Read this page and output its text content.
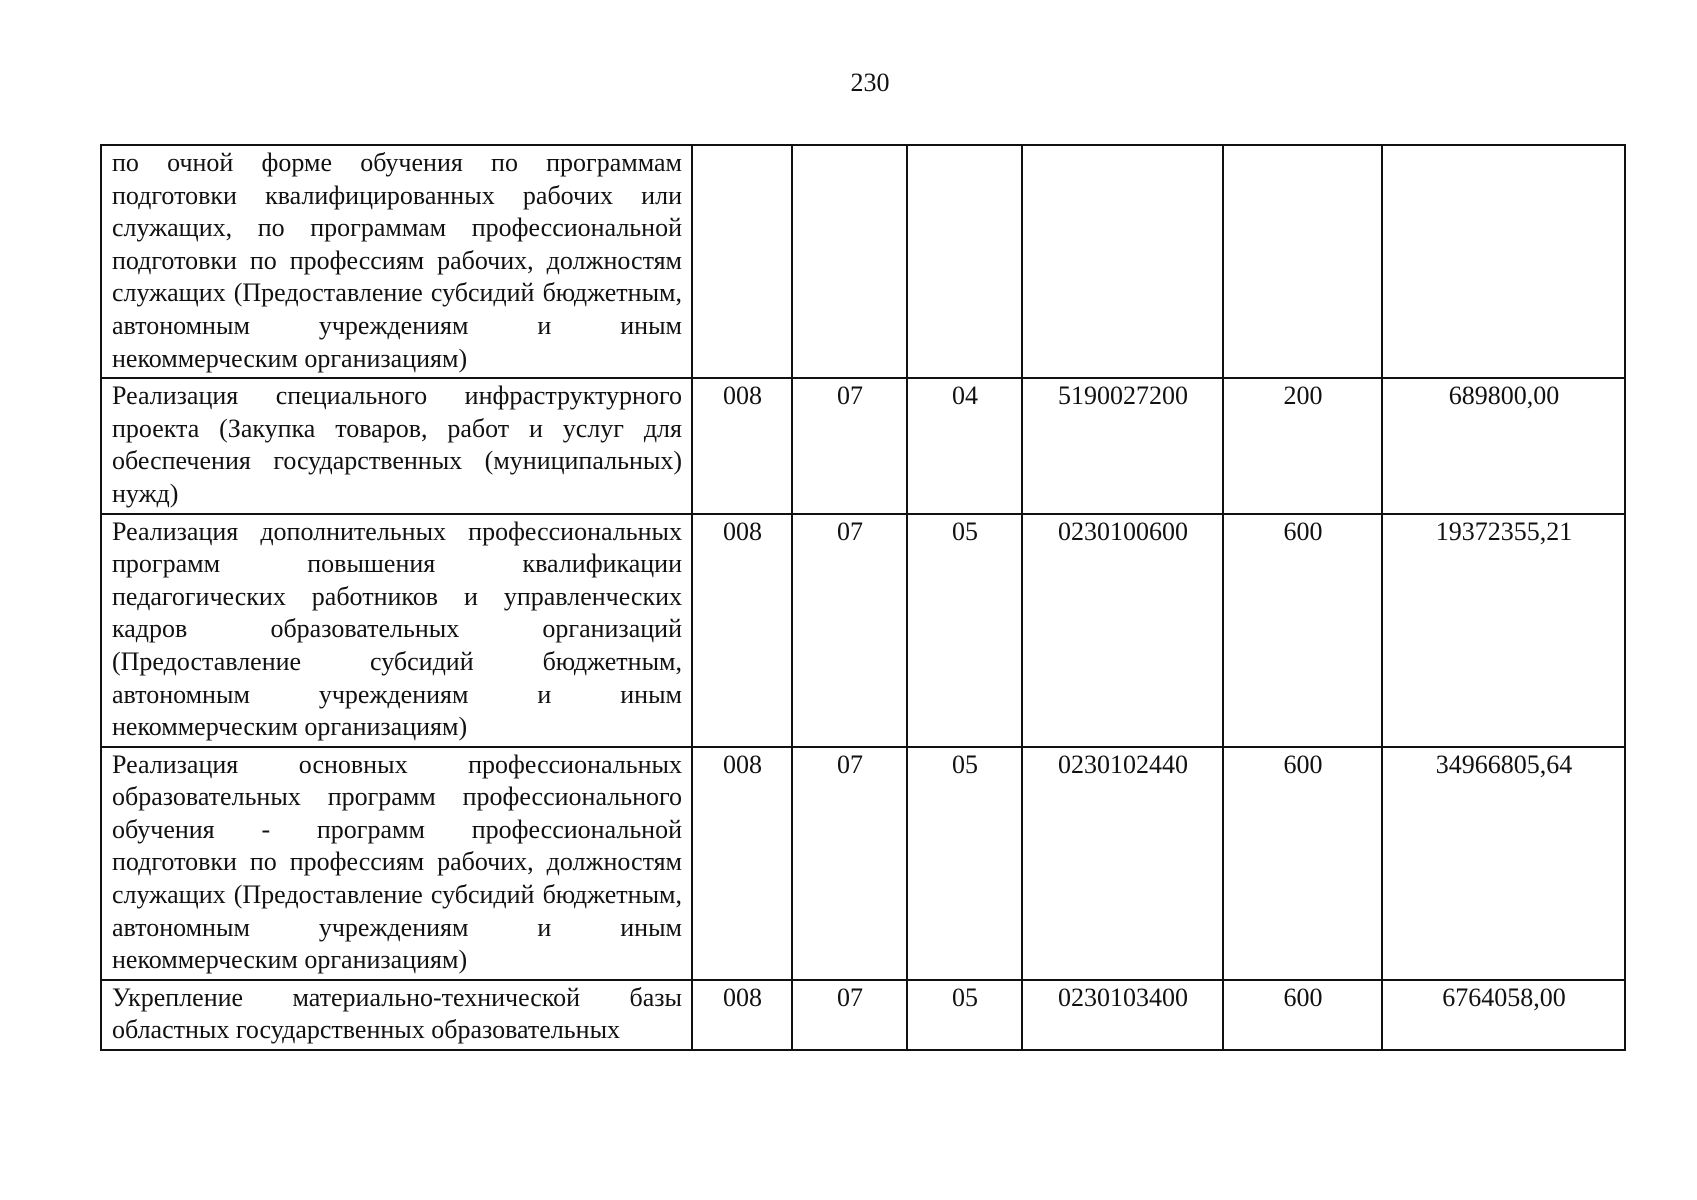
230
по очной форме обучения по программам подготовки квалифицированных рабочих или служащих, по программам профессиональной подготовки по профессиям рабочих, должностям служащих (Предоставление субсидий бюджетным, автономным учреждениям и иным некоммерческим организациям)						
Реализация специального инфраструктурного проекта (Закупка товаров, работ и услуг для обеспечения государственных (муниципальных) нужд)	008	07	04	5190027200	200	689800,00
Реализация дополнительных профессиональных программ повышения квалификации педагогических работников и управленческих кадров образовательных организаций (Предоставление субсидий бюджетным, автономным учреждениям и иным некоммерческим организациям)	008	07	05	0230100600	600	19372355,21
Реализация основных профессиональных образовательных программ профессионального обучения - программ профессиональной подготовки по профессиям рабочих, должностям служащих (Предоставление субсидий бюджетным, автономным учреждениям и иным некоммерческим организациям)	008	07	05	0230102440	600	34966805,64
Укрепление материально-технической базы областных государственных образовательных	008	07	05	0230103400	600	6764058,00
